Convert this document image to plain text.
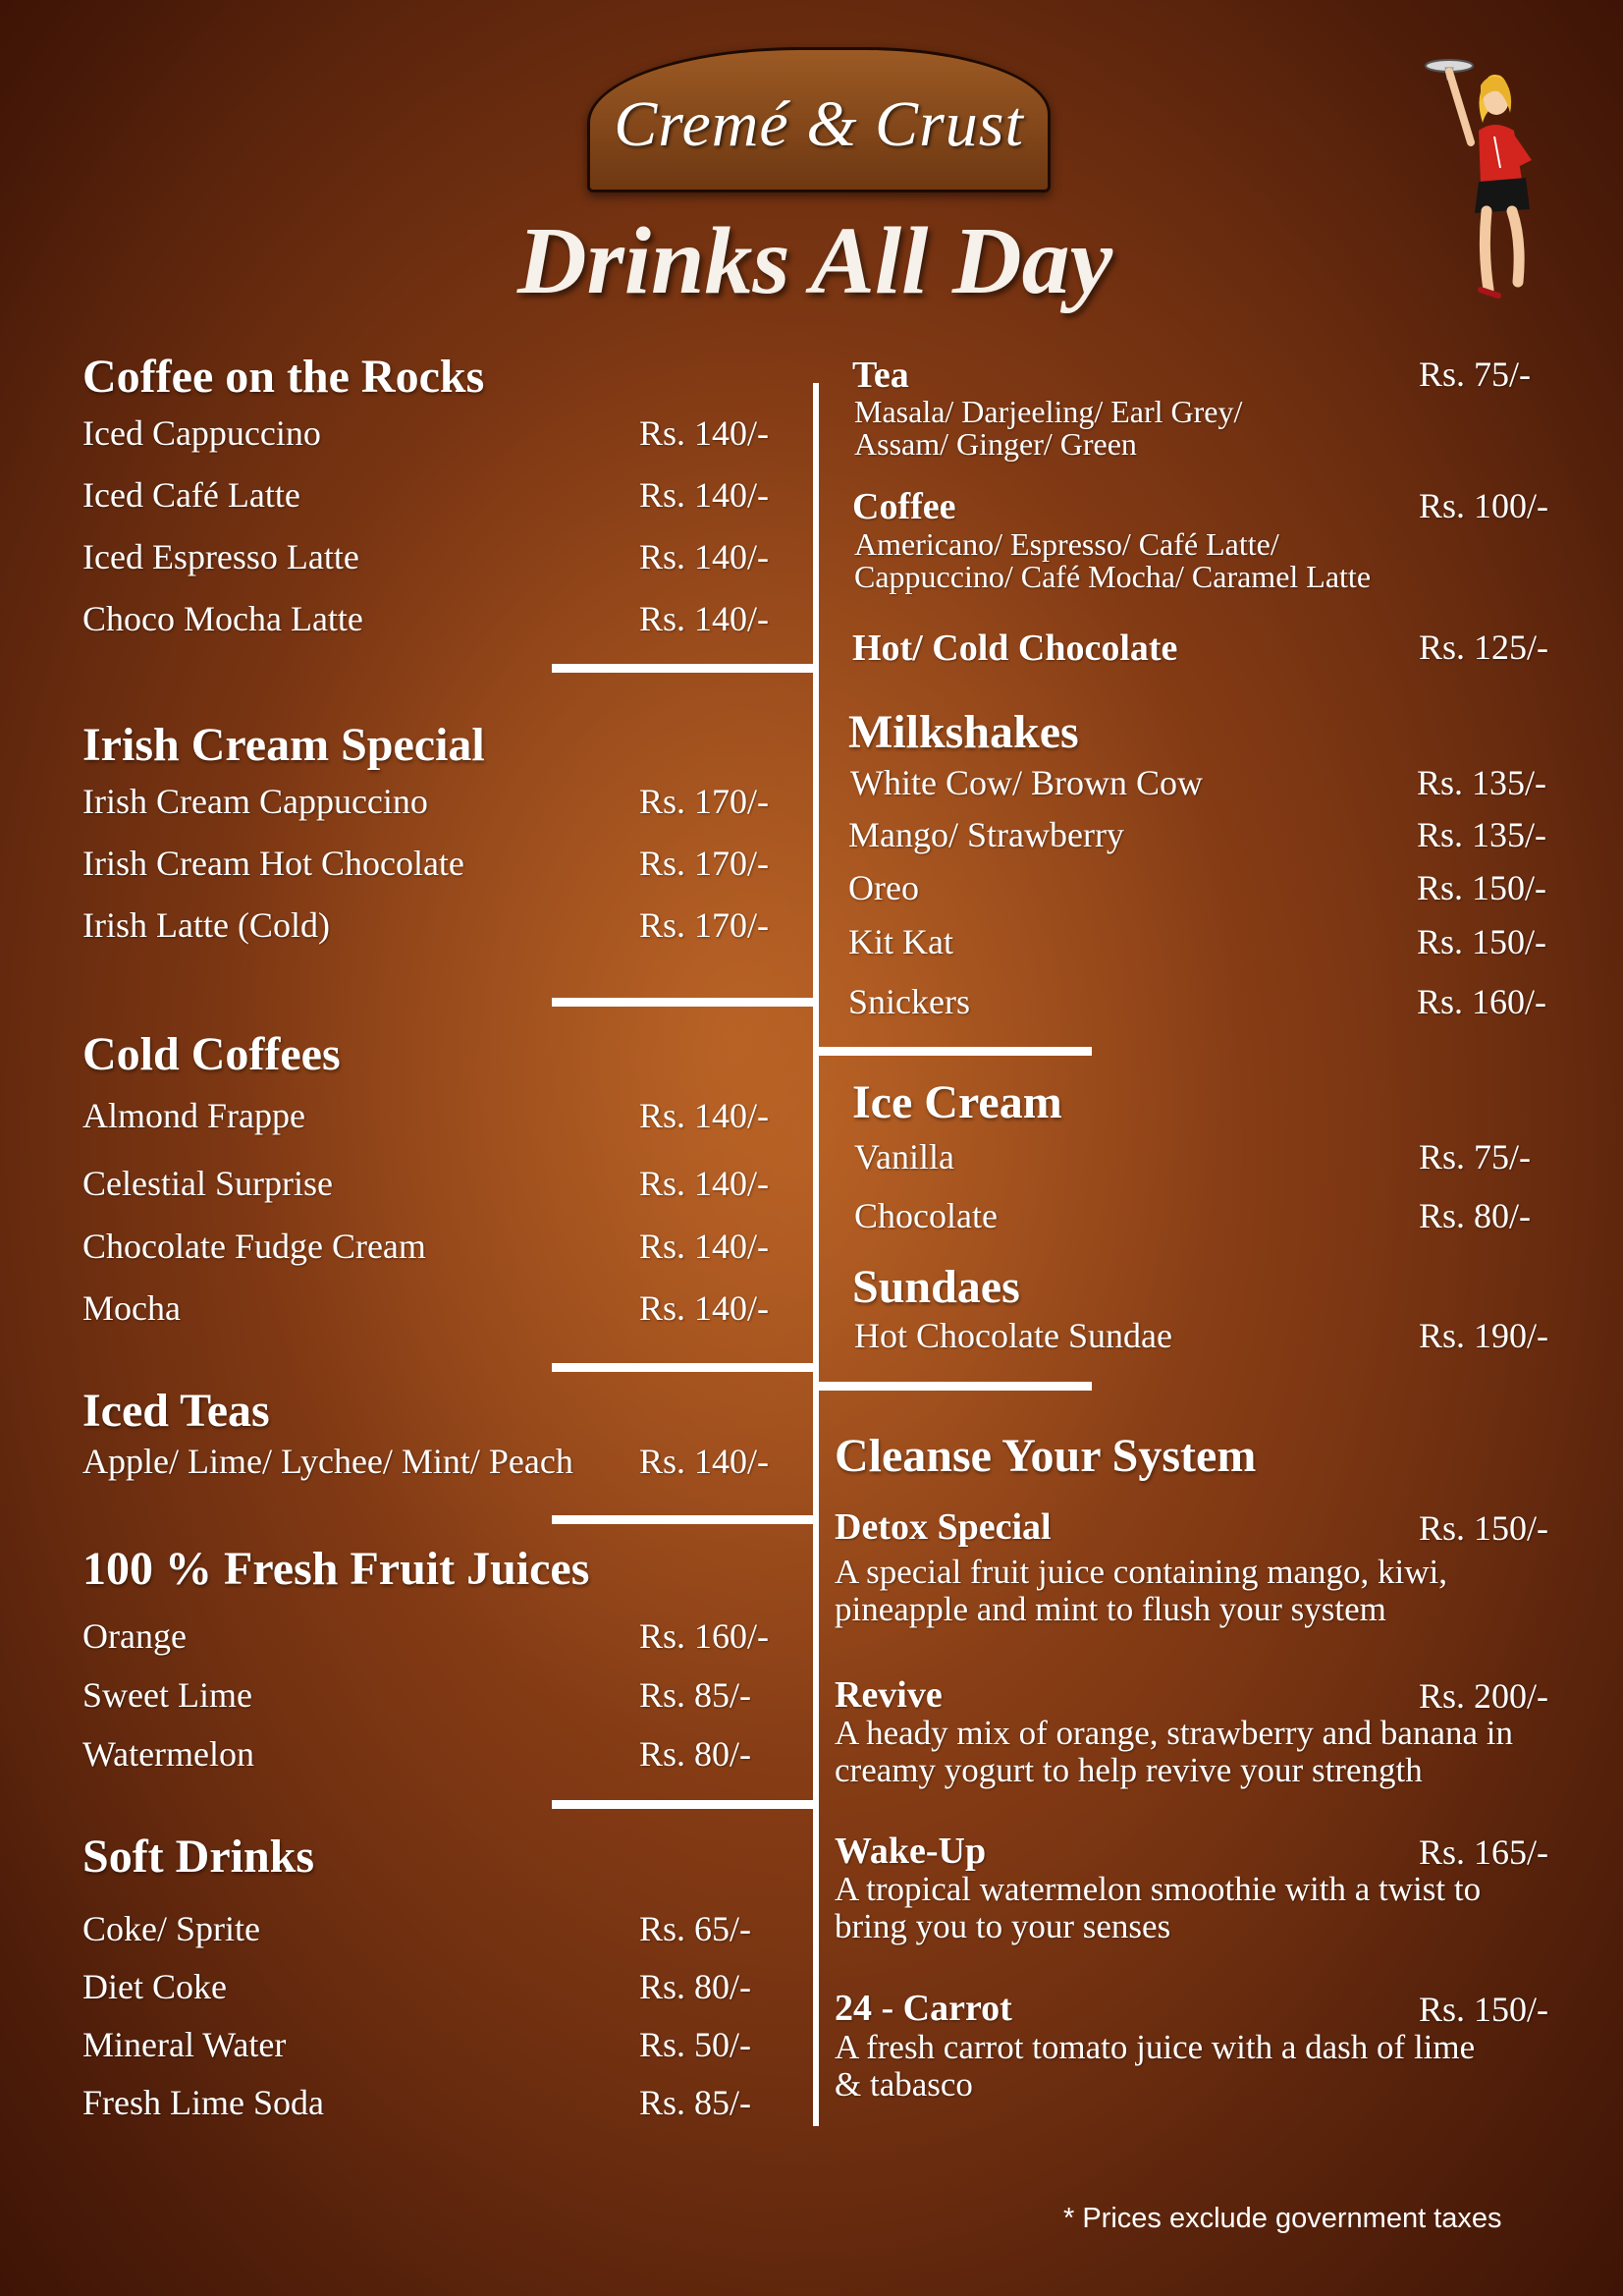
Cremé & Crust
Drinks All Day
Coffee on the Rocks
Iced Cappuccino	Rs. 140/-
Iced Café Latte	Rs. 140/-
Iced Espresso Latte	Rs. 140/-
Choco Mocha Latte	Rs. 140/-
Irish Cream Special
Irish Cream Cappuccino	Rs. 170/-
Irish Cream Hot Chocolate	Rs. 170/-
Irish Latte (Cold)	Rs. 170/-
Cold Coffees
Almond Frappe	Rs. 140/-
Celestial Surprise	Rs. 140/-
Chocolate Fudge Cream	Rs. 140/-
Mocha	Rs. 140/-
Iced Teas
Apple/ Lime/ Lychee/ Mint/ Peach Rs. 140/-
100 % Fresh Fruit Juices
Orange	Rs. 160/-
Sweet Lime	Rs. 85/-
Watermelon	Rs. 80/-
Soft Drinks
Coke/ Sprite	Rs. 65/-
Diet Coke	Rs. 80/-
Mineral Water	Rs. 50/-
Fresh Lime Soda	Rs. 85/-
Tea	Rs. 75/-
Masala/ Darjeeling/ Earl Grey/
Assam/ Ginger/ Green
Coffee	Rs. 100/-
Americano/ Espresso/ Café Latte/
Cappuccino/ Café Mocha/ Caramel Latte
Hot/ Cold Chocolate	Rs. 125/-
Milkshakes
White Cow/ Brown Cow	Rs. 135/-
Mango/ Strawberry	Rs. 135/-
Oreo	Rs. 150/-
Kit Kat	Rs. 150/-
Snickers	Rs. 160/-
Ice Cream
Vanilla	Rs. 75/-
Chocolate	Rs. 80/-
Sundaes
Hot Chocolate Sundae	Rs. 190/-
Cleanse Your System
Detox Special	Rs. 150/-
A special fruit juice containing mango, kiwi,
pineapple and mint to flush your system
Revive	Rs. 200/-
A heady mix of orange, strawberry and banana in
creamy yogurt to help revive your strength
Wake-Up	Rs. 165/-
A tropical watermelon smoothie with a twist to
bring you to your senses
24 - Carrot	Rs. 150/-
A fresh carrot tomato juice with a dash of lime
& tabasco
* Prices exclude government taxes
